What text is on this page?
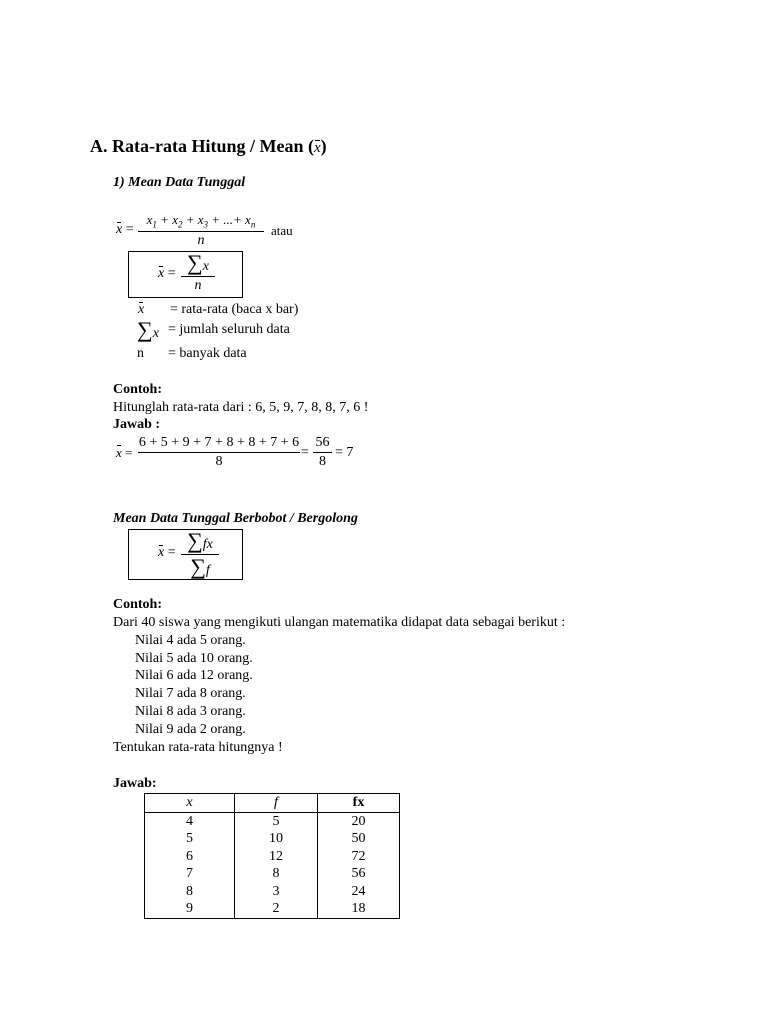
A. Rata-rata Hitung / Mean (x)
1) Mean Data Tunggal
x =
$x_1 + x_2 + x_3$ + ...+ $x_n$
n
atau
x = ∑x
n
x = rata-rata (baca x bar)
∑x = jumlah seluruh data
n = banyak data
Contoh:
Hitunglah rata-rata dari : 6, 5, 9, 7, 8, 8, 7, 6 !
Jawab :
x =
6 + 5 + 9 + 7 + 8 + 8 + 7 + 6
8
=
56
8
= 7
Mean Data Tunggal Berbobot / Bergolong
x = ∑fx
∑f
Contoh:
Dari 40 siswa yang mengikuti ulangan matematika didapat data sebagai berikut :
Nilai 4 ada 5 orang.
Nilai 5 ada 10 orang.
Nilai 6 ada 12 orang.
Nilai 7 ada 8 orang.
Nilai 8 ada 3 orang.
Nilai 9 ada 2 orang.
Tentukan rata-rata hitungnya !
Jawab:
x	f	fx
4	5	20
5	10	50
6	12	72
7	8	56
8	3	24
9	2	18
